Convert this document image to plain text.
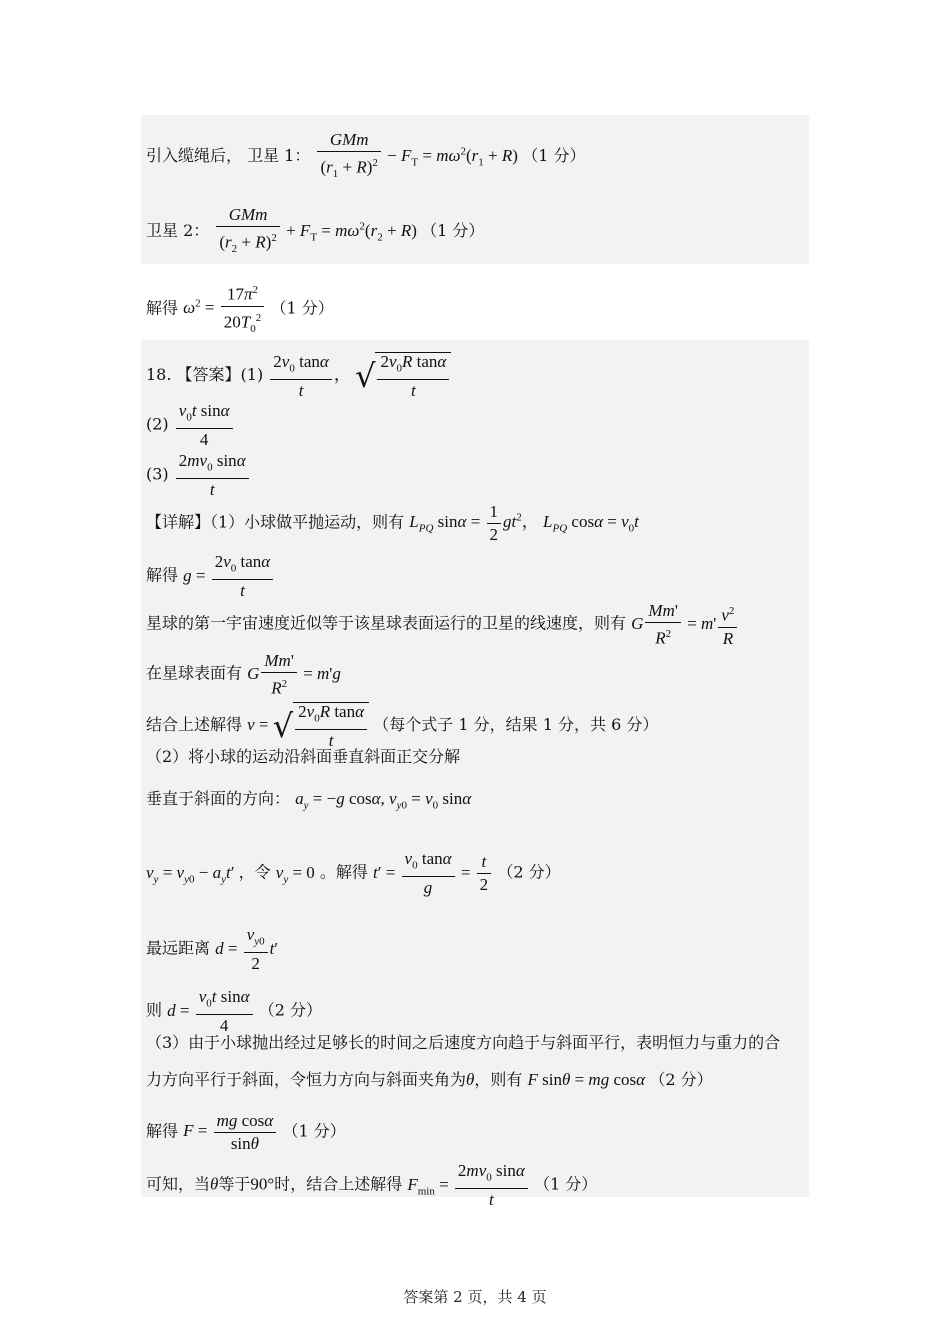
引入缆绳后， 卫星 1： $\frac{\text{GMm}}{(r_1 + R)^2} - F_T = m\omega^2(r_1 + R)$ （1 分）
卫星 2： $\frac{\text{GMm}}{(r_2 + R)^2} + F_T = m\omega^2(r_2 + R)$ （1 分）
解得 $\omega^2 = \frac{17\pi^2}{20T_0^2} (1$ 分）
18. 【答案】$(1) \frac{2v_0 \tan\alpha}{t}$ ， √ $\frac{2v_0R \tan\alpha}{t}$
$(2) \frac{v_0t \sin\alpha}{4}$
$(3) \frac{2mv_0 \sin\alpha}{t}$
【详解】（1）小球做平抛运动，则有 $L_{PQ}$ $\sin\alpha = \frac{1}{2} gt^2$， $L_{PQ}$ $\cos\alpha = v_0t$
解得 $g = \frac{2v_0 \tan\alpha}{t}$
星球的第一宇宙速度近似等于该星球表面运行的卫星的线速度，则有 G $\frac{Mm'}{R^2} = m' \frac{v^2}{R}$
在星球表面有 G $\frac{Mm'}{R^2} = m'g$
结合上述解得 v = √ $\frac{2v_0R \tan\alpha}{t}$ （每个式子 1 分，结果 1 分，共 6 分）
（2）将小球的运动沿斜面垂直斜面正交分解
垂直于斜面的方向： $a_y = -g$ cosα, $v_{y0} = v_0$ sinα
$v_y = v_{y0} - a_yt'$ ，令 $v_y = 0$ 。解得 $t' = \frac{v_0 \tan\alpha}{g} = \frac{t}{2} (2$ 分）
最远距离 $d = \frac{v_{y0}}{2} t'$
则 $d = \frac{v_0t \sin\alpha}{4} (2$ 分）
（3）由于小球抛出经过足够长的时间之后速度方向趋于与斜面平行，表明恒力与重力的合
力方向平行于斜面，令恒力方向与斜面夹角为θ，则有 F sinθ = mg cosα （2 分）
解得 $F = \frac{\text{mg cosα}}{\sin\theta} (1$ 分）
可知，当θ等于90°时，结合上述解得 $F_{min} = \frac{2mv_0 \sin\alpha}{t} (1$ 分）
答案第 2 页，共 4 页
